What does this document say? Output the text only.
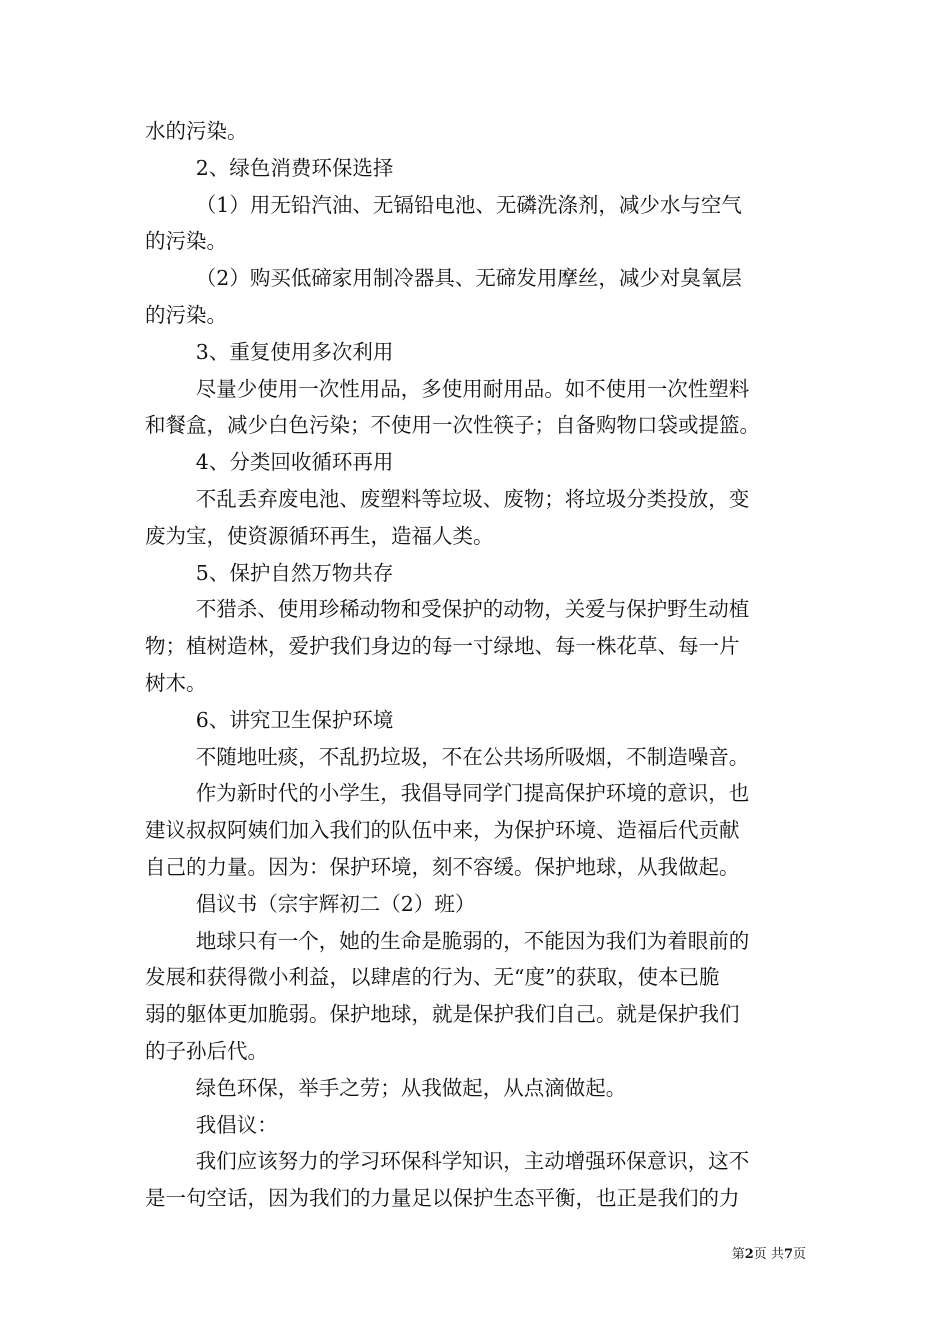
水的污染。
2、绿色消费环保选择
（1）用无铅汽油、无镉铅电池、无磷洗涤剂，减少水与空气
的污染。
（2）购买低碲家用制冷器具、无碲发用摩丝，减少对臭氧层
的污染。
3、重复使用多次利用
尽量少使用一次性用品，多使用耐用品。如不使用一次性塑料
和餐盒，减少白色污染；不使用一次性筷子；自备购物口袋或提篮。
4、分类回收循环再用
不乱丢弃废电池、废塑料等垃圾、废物；将垃圾分类投放，变
废为宝，使资源循环再生，造福人类。
5、保护自然万物共存
不猎杀、使用珍稀动物和受保护的动物，关爱与保护野生动植
物；植树造林，爱护我们身边的每一寸绿地、每一株花草、每一片
树木。
6、讲究卫生保护环境
不随地吐痰，不乱扔垃圾，不在公共场所吸烟，不制造噪音。
作为新时代的小学生，我倡导同学门提高保护环境的意识，也
建议叔叔阿姨们加入我们的队伍中来，为保护环境、造福后代贡献
自己的力量。因为：保护环境，刻不容缓。保护地球，从我做起。
倡议书（宗宇辉初二（2）班）
地球只有一个，她的生命是脆弱的，不能因为我们为着眼前的
发展和获得微小利益，以肆虐的行为、无“度”的获取，使本已脆
弱的躯体更加脆弱。保护地球，就是保护我们自己。就是保护我们
的子孙后代。
绿色环保，举手之劳；从我做起，从点滴做起。
我倡议：
我们应该努力的学习环保科学知识，主动增强环保意识，这不
是一句空话，因为我们的力量足以保护生态平衡，也正是我们的力
第2页 共7页
